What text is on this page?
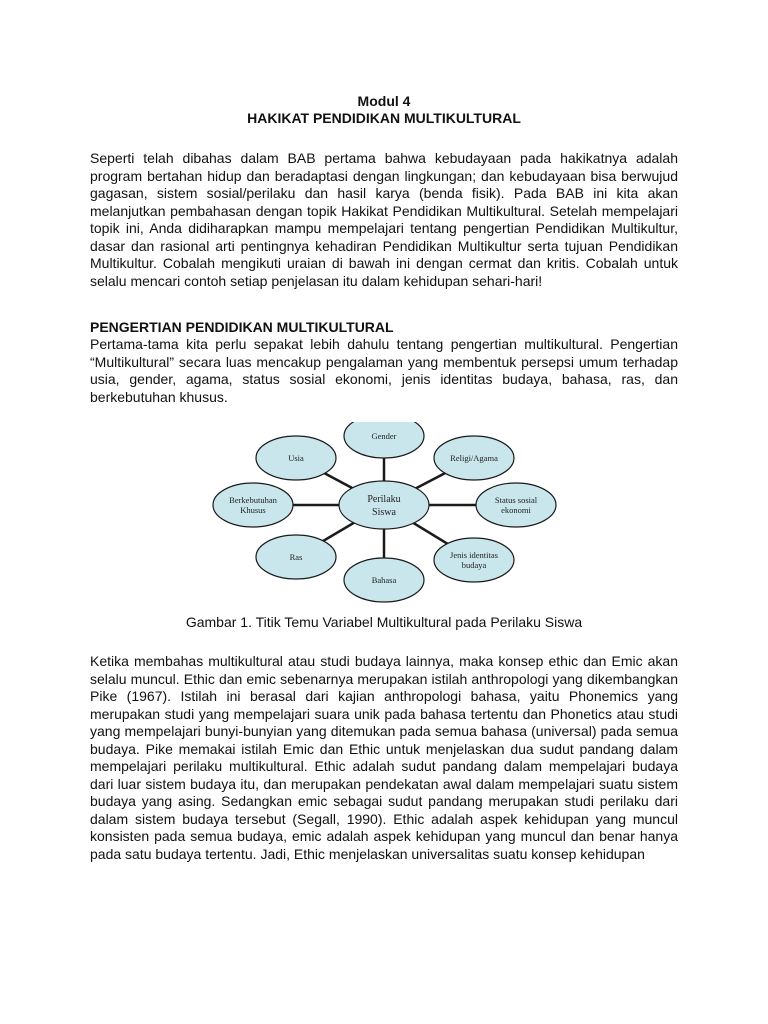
Modul 4
HAKIKAT PENDIDIKAN MULTIKULTURAL

Seperti telah dibahas dalam BAB pertama bahwa kebudayaan pada hakikatnya adalah program bertahan hidup dan beradaptasi dengan lingkungan; dan kebudayaan bisa berwujud gagasan, sistem sosial/perilaku dan hasil karya (benda fisik). Pada BAB ini kita akan melanjutkan pembahasan dengan topik Hakikat Pendidikan Multikultural. Setelah mempelajari topik ini, Anda didiharapkan mampu mempelajari tentang pengertian Pendidikan Multikultur, dasar dan rasional arti pentingnya kehadiran Pendidikan Multikultur serta tujuan Pendidikan Multikultur. Cobalah mengikuti uraian di bawah ini dengan cermat dan kritis. Cobalah untuk selalu mencari contoh setiap penjelasan itu dalam kehidupan sehari-hari!

PENGERTIAN PENDIDIKAN MULTIKULTURAL

Pertama-tama kita perlu sepakat lebih dahulu tentang pengertian multikultural. Pengertian “Multikultural” secara luas mencakup pengalaman yang membentuk persepsi umum terhadap usia, gender, agama, status sosial ekonomi, jenis identitas budaya, bahasa, ras, dan berkebutuhan khusus.

Gender
Usia	Religi/Agama
Berkebutuhan
Khusus
Status sosial
ekonomi
Ras	Jenis identitas
budaya
Bahasa
Perilaku
Siswa
Gambar 1. Titik Temu Variabel Multikultural pada Perilaku Siswa

Ketika membahas multikultural atau studi budaya lainnya, maka konsep ethic dan Emic akan selalu muncul. Ethic dan emic sebenarnya merupakan istilah anthropologi yang dikembangkan Pike (1967). Istilah ini berasal dari kajian anthropologi bahasa, yaitu Phonemics yang merupakan studi yang mempelajari suara unik pada bahasa tertentu dan Phonetics atau studi yang mempelajari bunyi-bunyian yang ditemukan pada semua bahasa (universal) pada semua budaya. Pike memakai istilah Emic dan Ethic untuk menjelaskan dua sudut pandang dalam mempelajari perilaku multikultural. Ethic adalah sudut pandang dalam mempelajari budaya dari luar sistem budaya itu, dan merupakan pendekatan awal dalam mempelajari suatu sistem budaya yang asing. Sedangkan emic sebagai sudut pandang merupakan studi perilaku dari dalam sistem budaya tersebut (Segall, 1990). Ethic adalah aspek kehidupan yang muncul konsisten pada semua budaya, emic adalah aspek kehidupan yang muncul dan benar hanya pada satu budaya tertentu. Jadi, Ethic menjelaskan universalitas suatu konsep kehidupan
